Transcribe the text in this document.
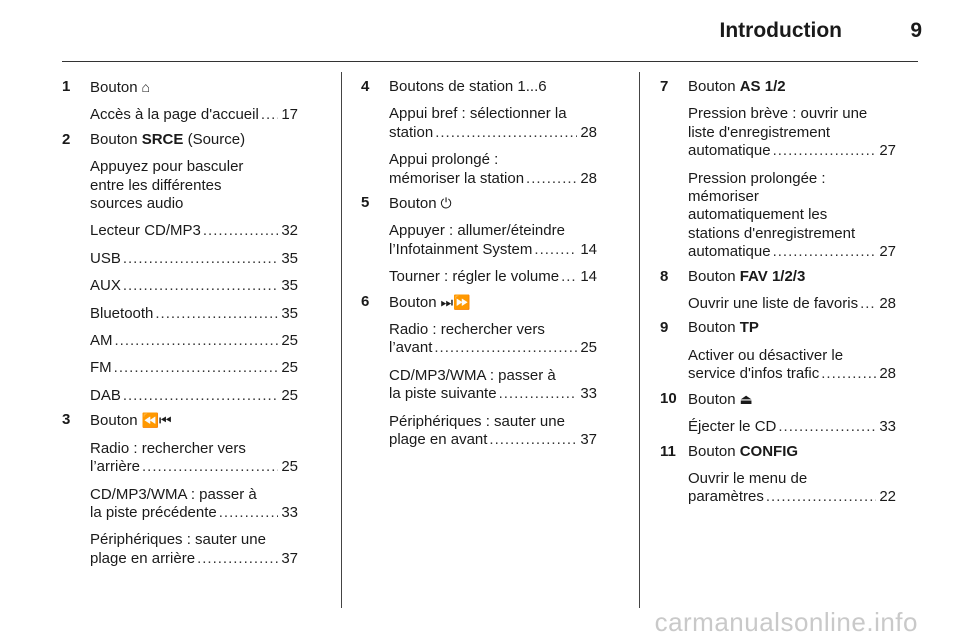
Introduction	9
1 Bouton ⌂
Accès à la page d'accueil ..... 17
2 Bouton SRCE (Source)
Appuyez pour basculer
entre les différentes
sources audio
Lecteur CD/MP3 .....	32
USB .....	35
AUX .....	35
Bluetooth .....	35
AM .....	25
FM .....	25
DAB .....	25
3 Bouton ⏪⏮
Radio : rechercher vers
l’arrière .....	25
CD/MP3/WMA : passer à
la piste précédente .....	33
Périphériques : sauter une
plage en arrière .....	37
4 Boutons de station 1...6
Appui bref : sélectionner la
station .....	28
Appui prolongé :
mémoriser la station .....	28
5 Bouton ⏻
Appuyer : allumer/éteindre
l’Infotainment System .....	14
Tourner : régler le volume ..... 14
6 Bouton ⏭⏩
Radio : rechercher vers
l’avant .....	25
CD/MP3/WMA : passer à
la piste suivante .....	33
Périphériques : sauter une
plage en avant .....	37
7 Bouton AS 1/2
Pression brève : ouvrir une
liste d'enregistrement
automatique .....	27
Pression prolongée :
mémoriser
automatiquement les
stations d'enregistrement
automatique .....	27
8 Bouton FAV 1/2/3
Ouvrir une liste de favoris ..... 28
9 Bouton TP
Activer ou désactiver le
service d'infos trafic .....	28
10 Bouton ⏏
Éjecter le CD .....	33
11 Bouton CONFIG
Ouvrir le menu de
paramètres .....	22
carmanualsonline.info
